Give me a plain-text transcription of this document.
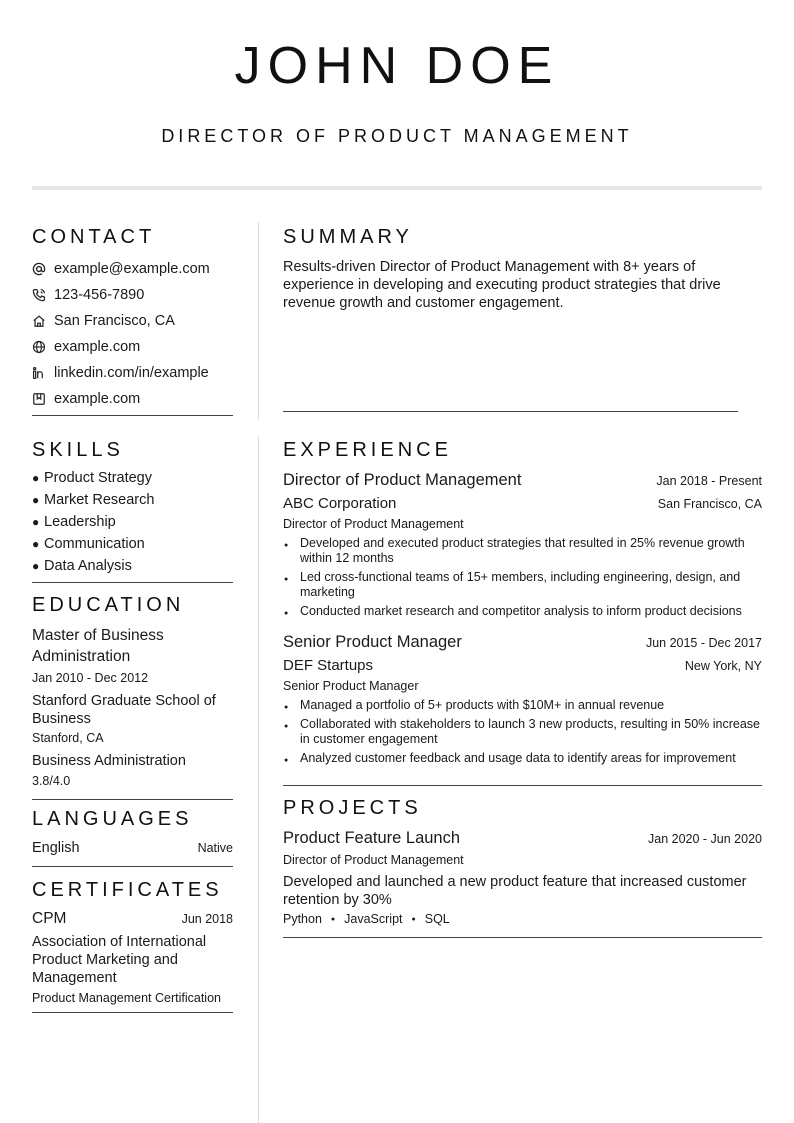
JOHN DOE
DIRECTOR OF PRODUCT MANAGEMENT
CONTACT
example@example.com
123-456-7890
San Francisco, CA
example.com
linkedin.com/in/example
example.com
SKILLS
● Product Strategy
● Market Research
● Leadership
● Communication
● Data Analysis
EDUCATION
Master of Business Administration
Jan 2010 - Dec 2012
Stanford Graduate School of Business
Stanford, CA
Business Administration
3.8/4.0
LANGUAGES
English	Native
CERTIFICATES
CPM	Jun 2018
Association of International Product Marketing and Management
Product Management Certification
SUMMARY
Results-driven Director of Product Management with 8+ years of experience in developing and executing product strategies that drive revenue growth and customer engagement.
EXPERIENCE
Director of Product Management	Jan 2018 - Present
ABC Corporation	San Francisco, CA
Director of Product Management
● Developed and executed product strategies that resulted in 25% revenue growth within 12 months
● Led cross-functional teams of 15+ members, including engineering, design, and marketing
● Conducted market research and competitor analysis to inform product decisions
Senior Product Manager	Jun 2015 - Dec 2017
DEF Startups	New York, NY
Senior Product Manager
● Managed a portfolio of 5+ products with $10M+ in annual revenue
● Collaborated with stakeholders to launch 3 new products, resulting in 50% increase in customer engagement
● Analyzed customer feedback and usage data to identify areas for improvement
PROJECTS
Product Feature Launch	Jan 2020 - Jun 2020
Director of Product Management
Developed and launched a new product feature that increased customer retention by 30%
Python ● JavaScript ● SQL
